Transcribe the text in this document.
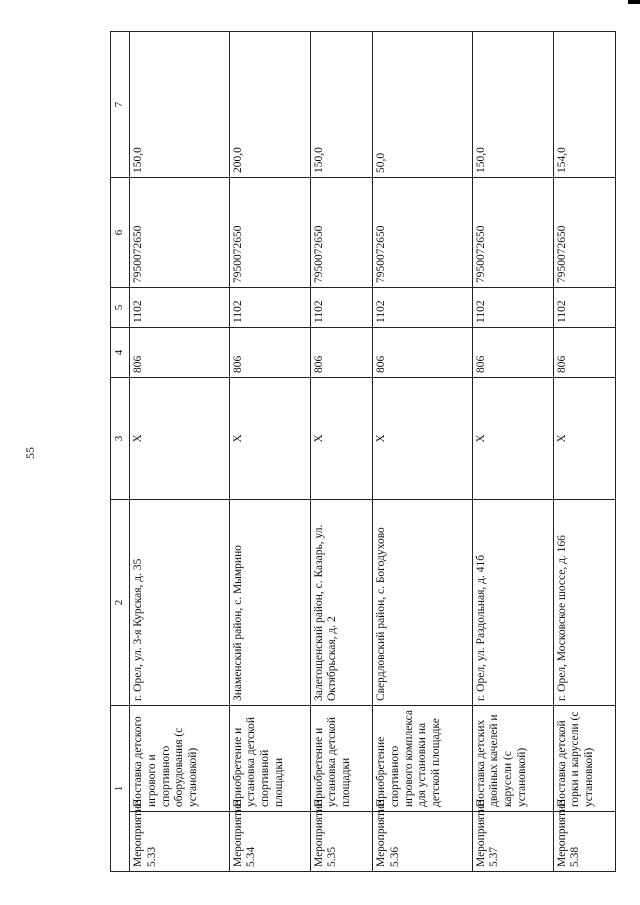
55
1		2	3	4	5	6	7
Мероприятие 5.33	Поставка детского игрового и спортивного оборудования (с установкой)	г. Орел, ул. 3-я Курская, д. 35	X	806	1102	7950072650	150,0
Мероприятие 5.34	Приобретение и установка детской спортивной площадки	Знаменский район, с. Мымрино	X	806	1102	7950072650	200,0
Мероприятие 5.35	Приобретение и установка детской площадки	Залегощенский район, с. Казарь, ул. Октябрьская, д. 2	X	806	1102	7950072650	150,0
Мероприятие 5.36	Приобретение спортивного игрового комплекса для установки на детской площадке	Свердловский район, с. Богодухово	X	806	1102	7950072650	50,0
Мероприятие 5.37	Поставка детских двойных качелей и карусели (с установкой)	г. Орел, ул. Раздольная, д. 41б	X	806	1102	7950072650	150,0
Мероприятие 5.38	Поставка детской горки и карусели (с установкой)	г. Орел, Московское шоссе, д. 166	X	806	1102	7950072650	154,0
